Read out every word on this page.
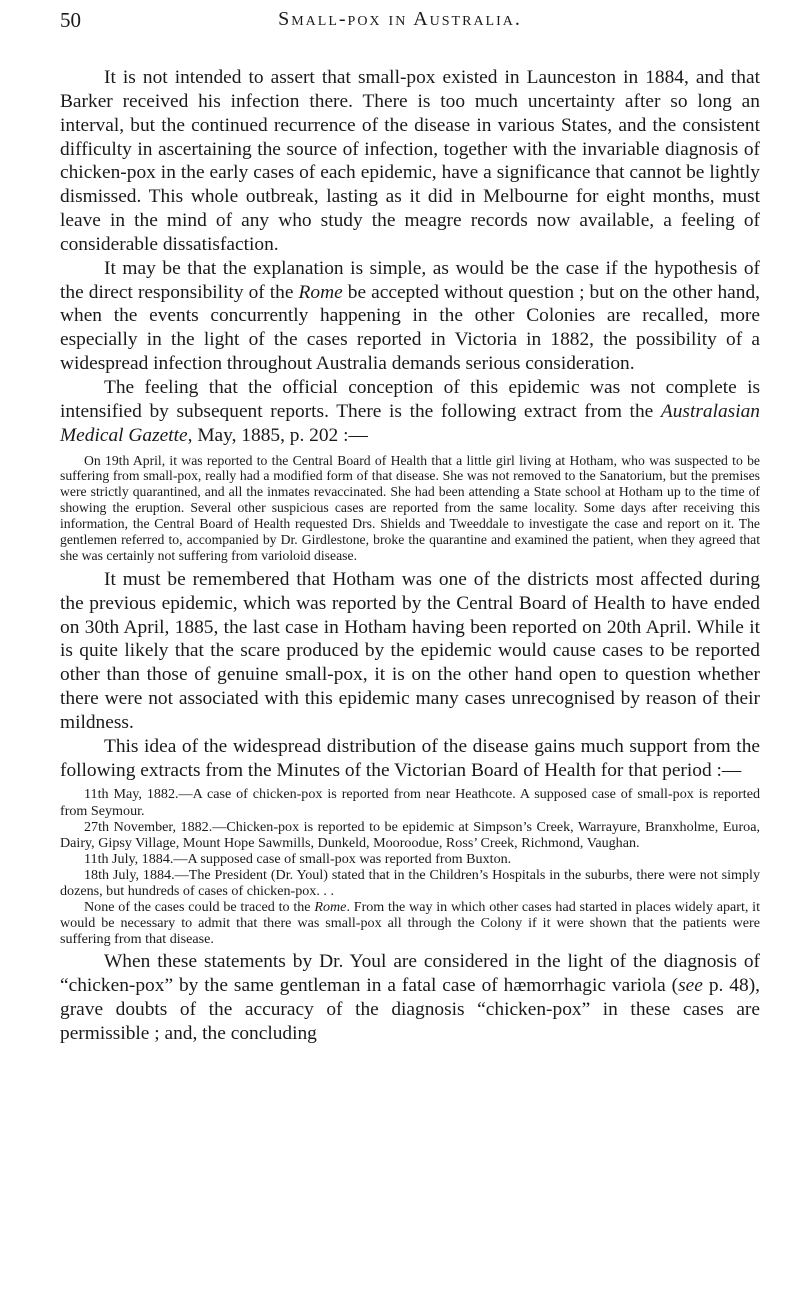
50	Small-pox in Australia.

It is not intended to assert that small-pox existed in Launceston in 1884, and that Barker received his infection there. There is too much uncertainty after so long an interval, but the continued recurrence of the disease in various States, and the consistent difficulty in ascertaining the source of infection, together with the invariable diagnosis of chicken-pox in the early cases of each epidemic, have a significance that cannot be lightly dismissed. This whole outbreak, lasting as it did in Melbourne for eight months, must leave in the mind of any who study the meagre records now available, a feeling of considerable dissatisfaction.

It may be that the explanation is simple, as would be the case if the hypothesis of the direct responsibility of the Rome be accepted without question ; but on the other hand, when the events concurrently happening in the other Colonies are recalled, more especially in the light of the cases reported in Victoria in 1882, the possibility of a widespread infection throughout Australia demands serious consideration.

The feeling that the official conception of this epidemic was not complete is intensified by subsequent reports. There is the following extract from the Australasian Medical Gazette, May, 1885, p. 202 :—

On 19th April, it was reported to the Central Board of Health that a little girl living at Hotham, who was suspected to be suffering from small-pox, really had a modified form of that disease. She was not removed to the Sanatorium, but the premises were strictly quarantined, and all the inmates revaccinated. She had been attending a State school at Hotham up to the time of showing the eruption. Several other suspicious cases are reported from the same locality. Some days after receiving this information, the Central Board of Health requested Drs. Shields and Tweeddale to investigate the case and report on it. The gentlemen referred to, accompanied by Dr. Girdlestone, broke the quarantine and examined the patient, when they agreed that she was certainly not suffering from varioloid disease.

It must be remembered that Hotham was one of the districts most affected during the previous epidemic, which was reported by the Central Board of Health to have ended on 30th April, 1885, the last case in Hotham having been reported on 20th April. While it is quite likely that the scare produced by the epidemic would cause cases to be reported other than those of genuine small-pox, it is on the other hand open to question whether there were not associated with this epidemic many cases unrecognised by reason of their mildness.

This idea of the widespread distribution of the disease gains much support from the following extracts from the Minutes of the Victorian Board of Health for that period :—

11th May, 1882.—A case of chicken-pox is reported from near Heathcote. A supposed case of small-pox is reported from Seymour.

27th November, 1882.—Chicken-pox is reported to be epidemic at Simpson’s Creek, Warrayure, Branxholme, Euroa, Dairy, Gipsy Village, Mount Hope Sawmills, Dunkeld, Mooroodue, Ross’ Creek, Richmond, Vaughan.

11th July, 1884.—A supposed case of small-pox was reported from Buxton.

18th July, 1884.—The President (Dr. Youl) stated that in the Children’s Hospitals in the suburbs, there were not simply dozens, but hundreds of cases of chicken-pox. . .

None of the cases could be traced to the Rome. From the way in which other cases had started in places widely apart, it would be necessary to admit that there was small-pox all through the Colony if it were shown that the patients were suffering from that disease.

When these statements by Dr. Youl are considered in the light of the diagnosis of “chicken-pox” by the same gentleman in a fatal case of hæmorrhagic variola (see p. 48), grave doubts of the accuracy of the diagnosis “chicken-pox” in these cases are permissible ; and, the concluding
